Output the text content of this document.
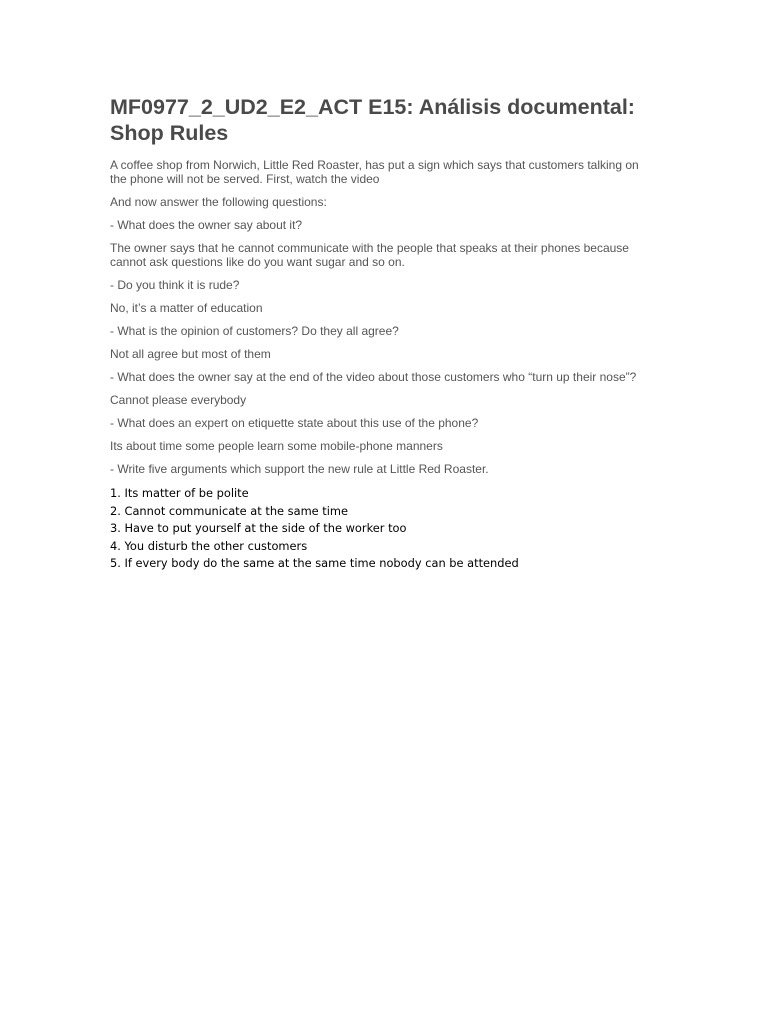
MF0977_2_UD2_E2_ACT E15: Análisis documental: Shop Rules

A coffee shop from Norwich, Little Red Roaster, has put a sign which says that customers talking on the phone will not be served. First, watch the video

And now answer the following questions:

- What does the owner say about it?

The owner says that he cannot communicate with the people that speaks at their phones because cannot ask questions like do you want sugar and so on.

- Do you think it is rude?

No, it’s a matter of education

- What is the opinion of customers? Do they all agree?

Not all agree but most of them

- What does the owner say at the end of the video about those customers who “turn up their nose”?

Cannot please everybody

- What does an expert on etiquette state about this use of the phone?

Its about time some people learn some mobile-phone manners

- Write five arguments which support the new rule at Little Red Roaster.

1. Its matter of be polite
2. Cannot communicate at the same time
3. Have to put yourself at the side of the worker too
4. You disturb the other customers
5. If every body do the same at the same time nobody can be attended
